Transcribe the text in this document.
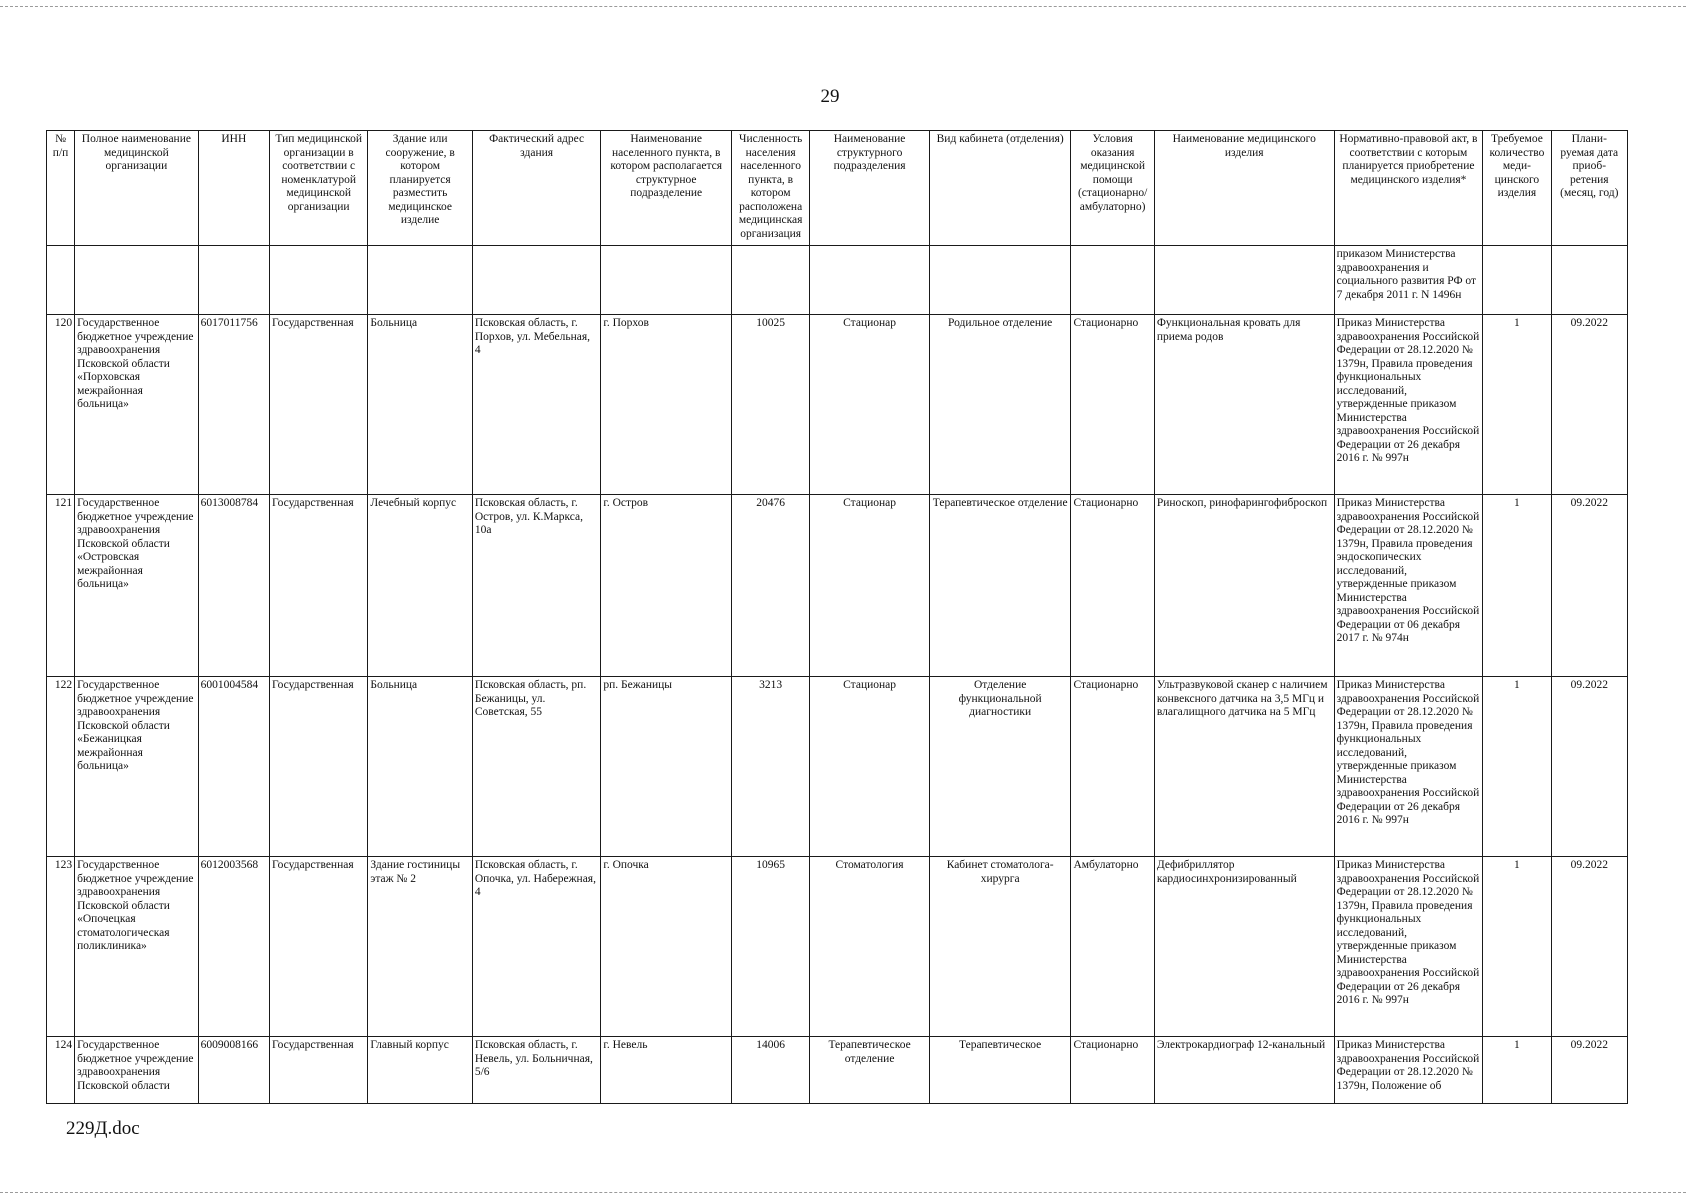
29
№ п/п	Полное наименование медицинской организации	ИНН	Тип медицинской организации в соответствии с номенклатурой медицинской организации	Здание или сооружение, в котором планируется разместить медицинское изделие	Фактический адрес здания	Наименование населенного пункта, в котором располагается структурное подразделение	Численность населения населенного пункта, в котором расположена медицинская организация	Наименование структурного подразделения	Вид кабинета (отделения)	Условия оказания медицинской помощи (стационарно/ амбулаторно)	Наименование медицинского изделия	Нормативно-правовой акт, в соответствии с которым планируется приобретение медицинского изделия*	Требуемое количество меди- цинского изделия	Плани- руемая дата приоб- ретения (месяц, год)
												приказом Министерства здравоохранения и социального развития РФ от 7 декабря 2011 г. N 1496н		
120	Государственное бюджетное учреждение здравоохранения Псковской области «Порховская межрайонная больница»	6017011756	Государственная	Больница	Псковская область, г. Порхов, ул. Мебельная, 4	г. Порхов	10025	Стационар	Родильное отделение	Стационарно	Функциональная кровать для приема родов	Приказ Министерства здравоохранения Российской Федерации от 28.12.2020 № 1379н, Правила проведения функциональных исследований, утвержденные приказом Министерства здравоохранения Российской Федерации от 26 декабря 2016 г. № 997н	1	09.2022
121	Государственное бюджетное учреждение здравоохранения Псковской области «Островская межрайонная больница»	6013008784	Государственная	Лечебный корпус	Псковская область, г. Остров, ул. К.Маркса, 10а	г. Остров	20476	Стационар	Терапевтическое отделение	Стационарно	Риноскоп, ринофарингофиброскоп	Приказ Министерства здравоохранения Российской Федерации от 28.12.2020 № 1379н, Правила проведения эндоскопических исследований, утвержденные приказом Министерства здравоохранения Российской Федерации от 06 декабря 2017 г. № 974н	1	09.2022
122	Государственное бюджетное учреждение здравоохранения Псковской области «Бежаницкая межрайонная больница»	6001004584	Государственная	Больница	Псковская область, рп. Бежаницы, ул. Советская, 55	рп. Бежаницы	3213	Стационар	Отделение функциональной диагностики	Стационарно	Ультразвуковой сканер с наличием конвексного датчика на 3,5 МГц и влагалищного датчика на 5 МГц	Приказ Министерства здравоохранения Российской Федерации от 28.12.2020 № 1379н, Правила проведения функциональных исследований, утвержденные приказом Министерства здравоохранения Российской Федерации от 26 декабря 2016 г. № 997н	1	09.2022
123	Государственное бюджетное учреждение здравоохранения Псковской области «Опочецкая стоматологическая поликлиника»	6012003568	Государственная	Здание гостиницы этаж № 2	Псковская область, г. Опочка, ул. Набережная, 4	г. Опочка	10965	Стоматология	Кабинет стоматолога-хирурга	Амбулаторно	Дефибриллятор кардиосинхронизированный	Приказ Министерства здравоохранения Российской Федерации от 28.12.2020 № 1379н, Правила проведения функциональных исследований, утвержденные приказом Министерства здравоохранения Российской Федерации от 26 декабря 2016 г. № 997н	1	09.2022
124	Государственное бюджетное учреждение здравоохранения Псковской области	6009008166	Государственная	Главный корпус	Псковская область, г. Невель, ул. Больничная, 5/6	г. Невель	14006	Терапевтическое отделение	Терапевтическое	Стационарно	Электрокардиограф 12-канальный	Приказ Министерства здравоохранения Российской Федерации от 28.12.2020 № 1379н, Положение об	1	09.2022
229Д.doc
